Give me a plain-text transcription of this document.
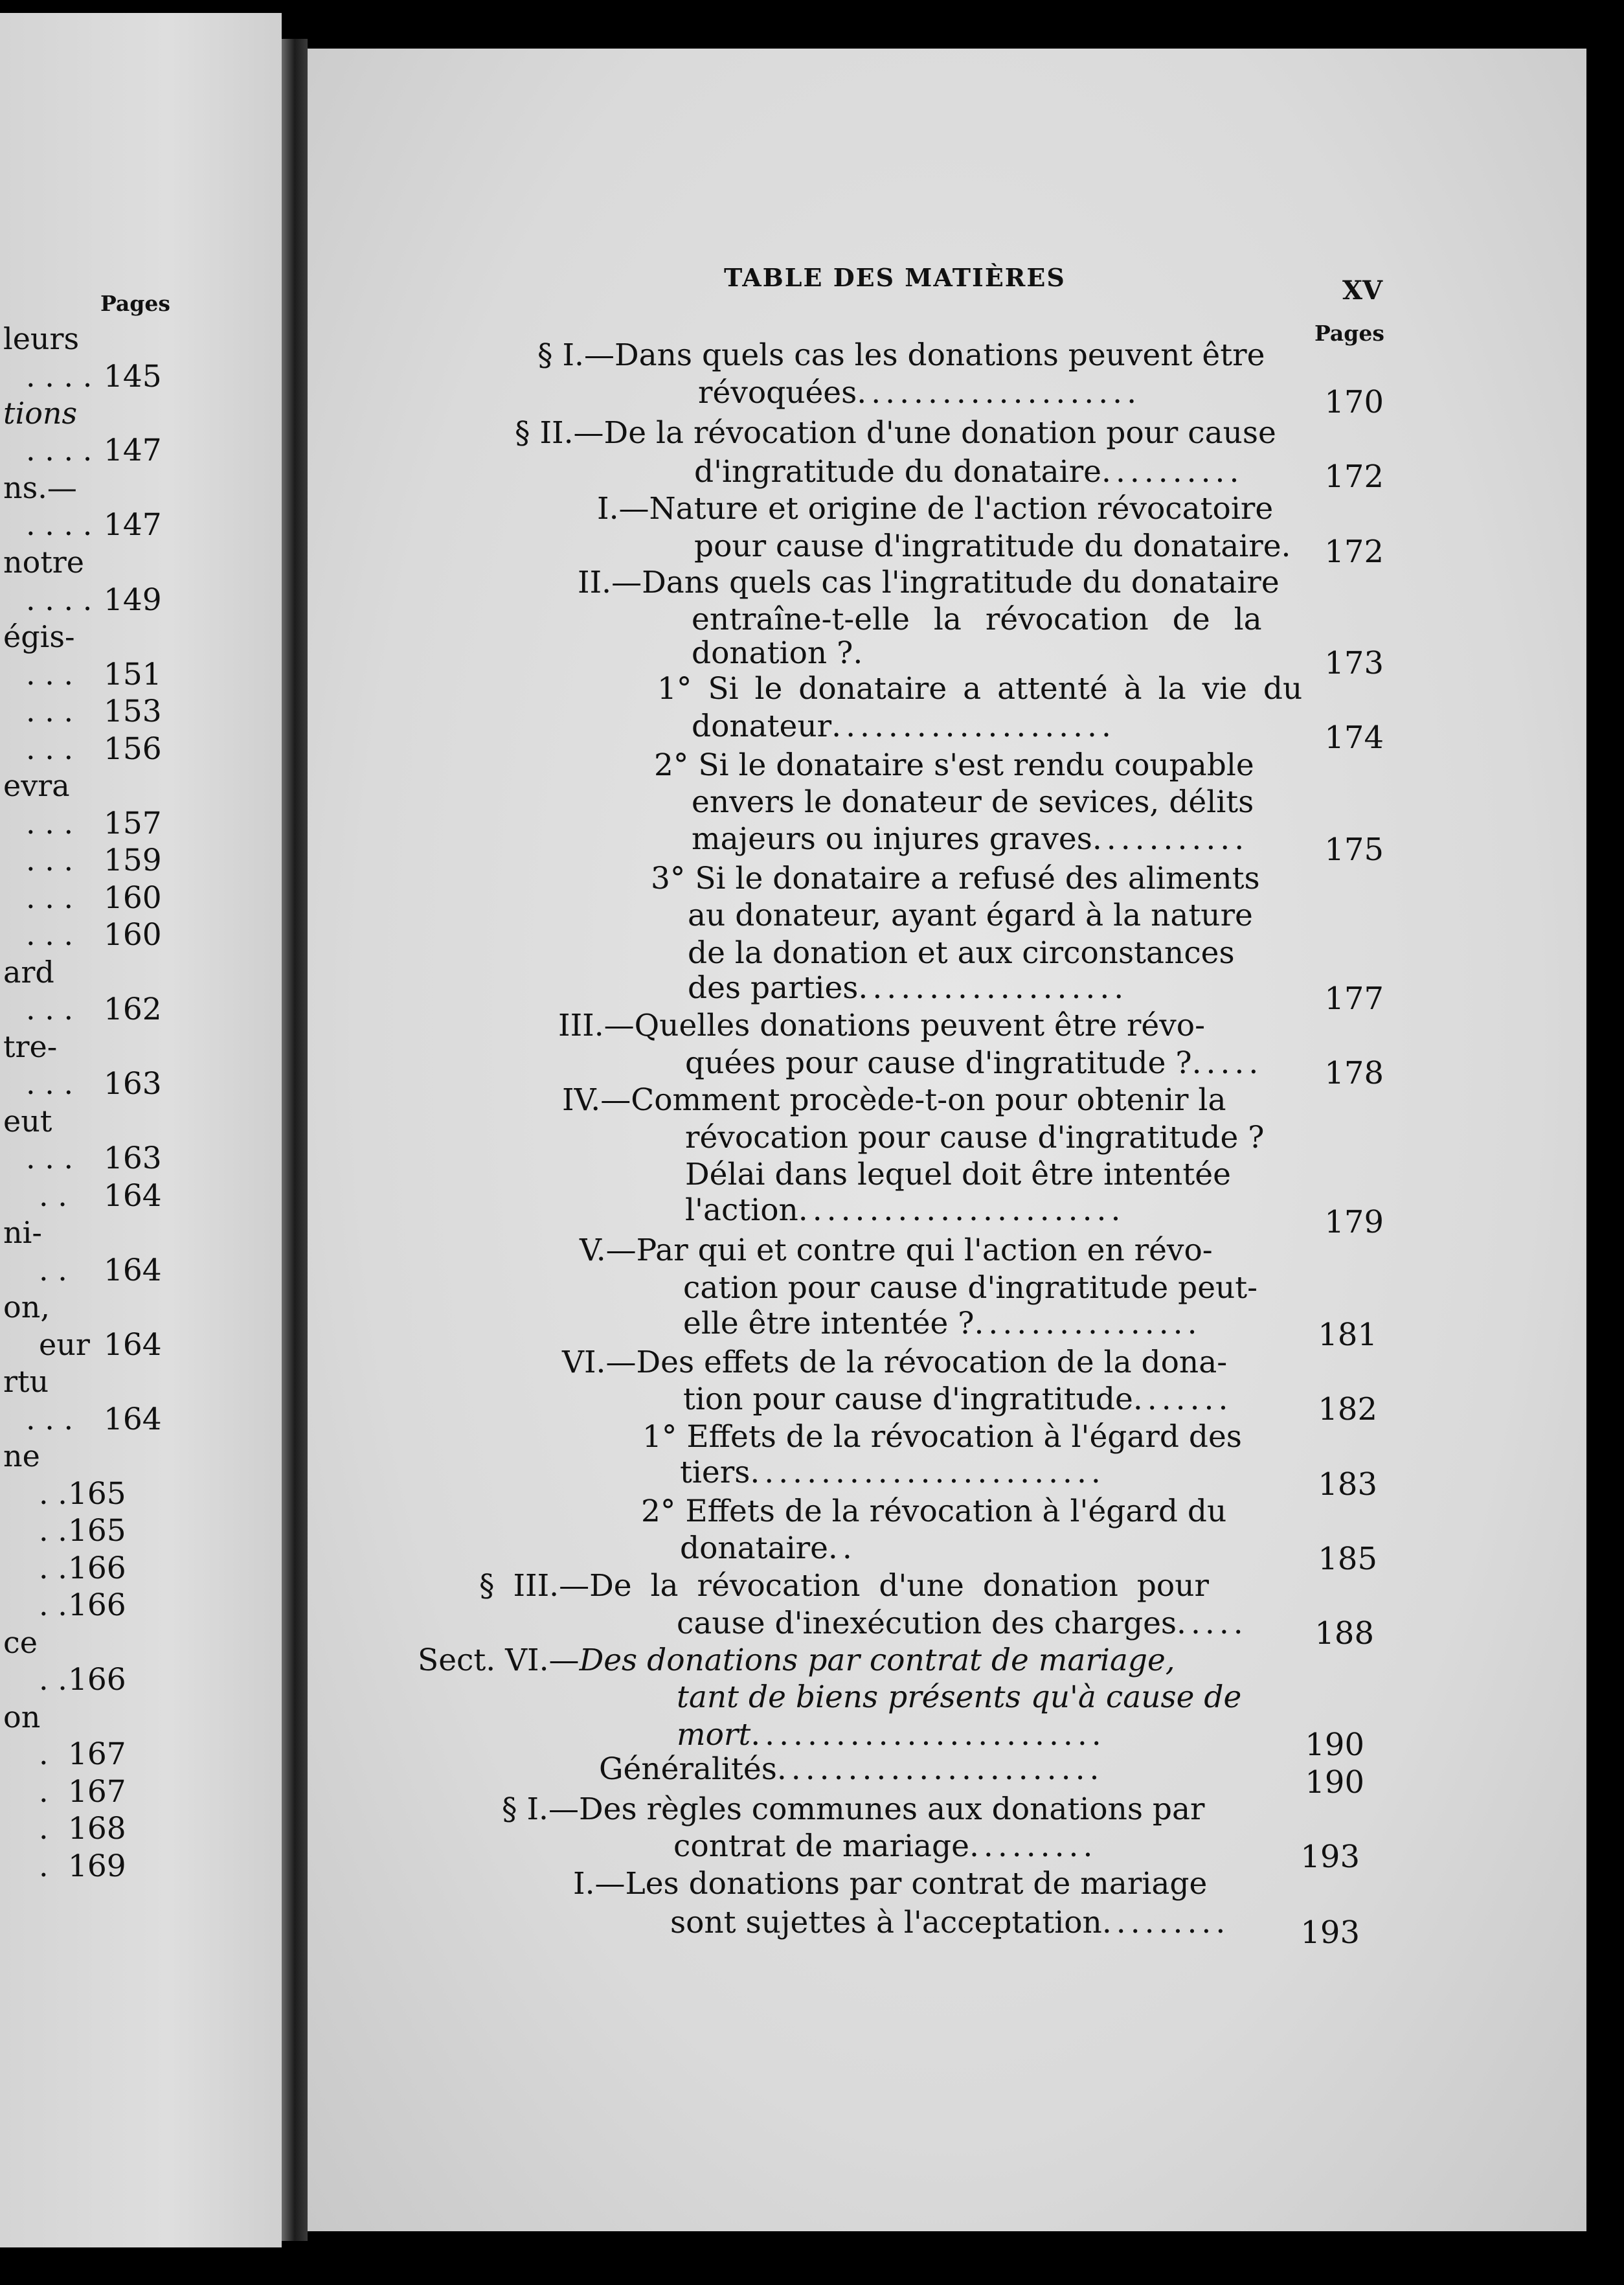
Pages
leurs
. . . . 145
tions
. . . . 147
ns.—
. . . . 147
notre
. . . . 149
égis-
. . . 151
. . . 153
. . . 156
evra
. . . 157
. . . 159
. . . 160
. . . 160
ard
. . . 162
tre-
. . . 163
eut
. . . 163
. . 164
ni-
. . 164
on,
eur 164
rtu
. . . 164
ne
. . 165
. . 165
. . 166
. . 166
ce
. . 166
on
. 167
. 167
. 168
. 169
TABLE DES MATIÈRES	XV
Pages
§ I.—Dans quels cas les donations peuvent être
révoquées....................	170
§ II.—De la révocation d'une donation pour cause
d'ingratitude du donataire..........	172
I.—Nature et origine de l'action révocatoire
pour cause d'ingratitude du donataire.	172
II.—Dans quels cas l'ingratitude du donataire
entraîne-t-elle la révocation de la
donation ?.	173
1° Si le donataire a attenté à la vie du
donateur....................	174
2° Si le donataire s'est rendu coupable
envers le donateur de sevices, délits
majeurs ou injures graves...........	175
3° Si le donataire a refusé des aliments
au donateur, ayant égard à la nature
de la donation et aux circonstances
des parties...................	177
III.—Quelles donations peuvent être révo-
quées pour cause d'ingratitude ?.....	178
IV.—Comment procède-t-on pour obtenir la
révocation pour cause d'ingratitude ?
Délai dans lequel doit être intentée
l'action.......................	179
V.—Par qui et contre qui l'action en révo-
cation pour cause d'ingratitude peut-
elle être intentée ?................	181
VI.—Des effets de la révocation de la dona-
tion pour cause d'ingratitude.......	182
1° Effets de la révocation à l'égard des
tiers.........................	183
2° Effets de la révocation à l'égard du
donataire..	185
§ III.—De la révocation d'une donation pour
cause d'inexécution des charges.....	188
Sect. VI.—Des donations par contrat de mariage,
tant de biens présents qu'à cause de
mort.........................	190
Généralités.......................	190
§ I.—Des règles communes aux donations par
contrat de mariage.........	193
I.—Les donations par contrat de mariage
sont sujettes à l'acceptation.........	193
